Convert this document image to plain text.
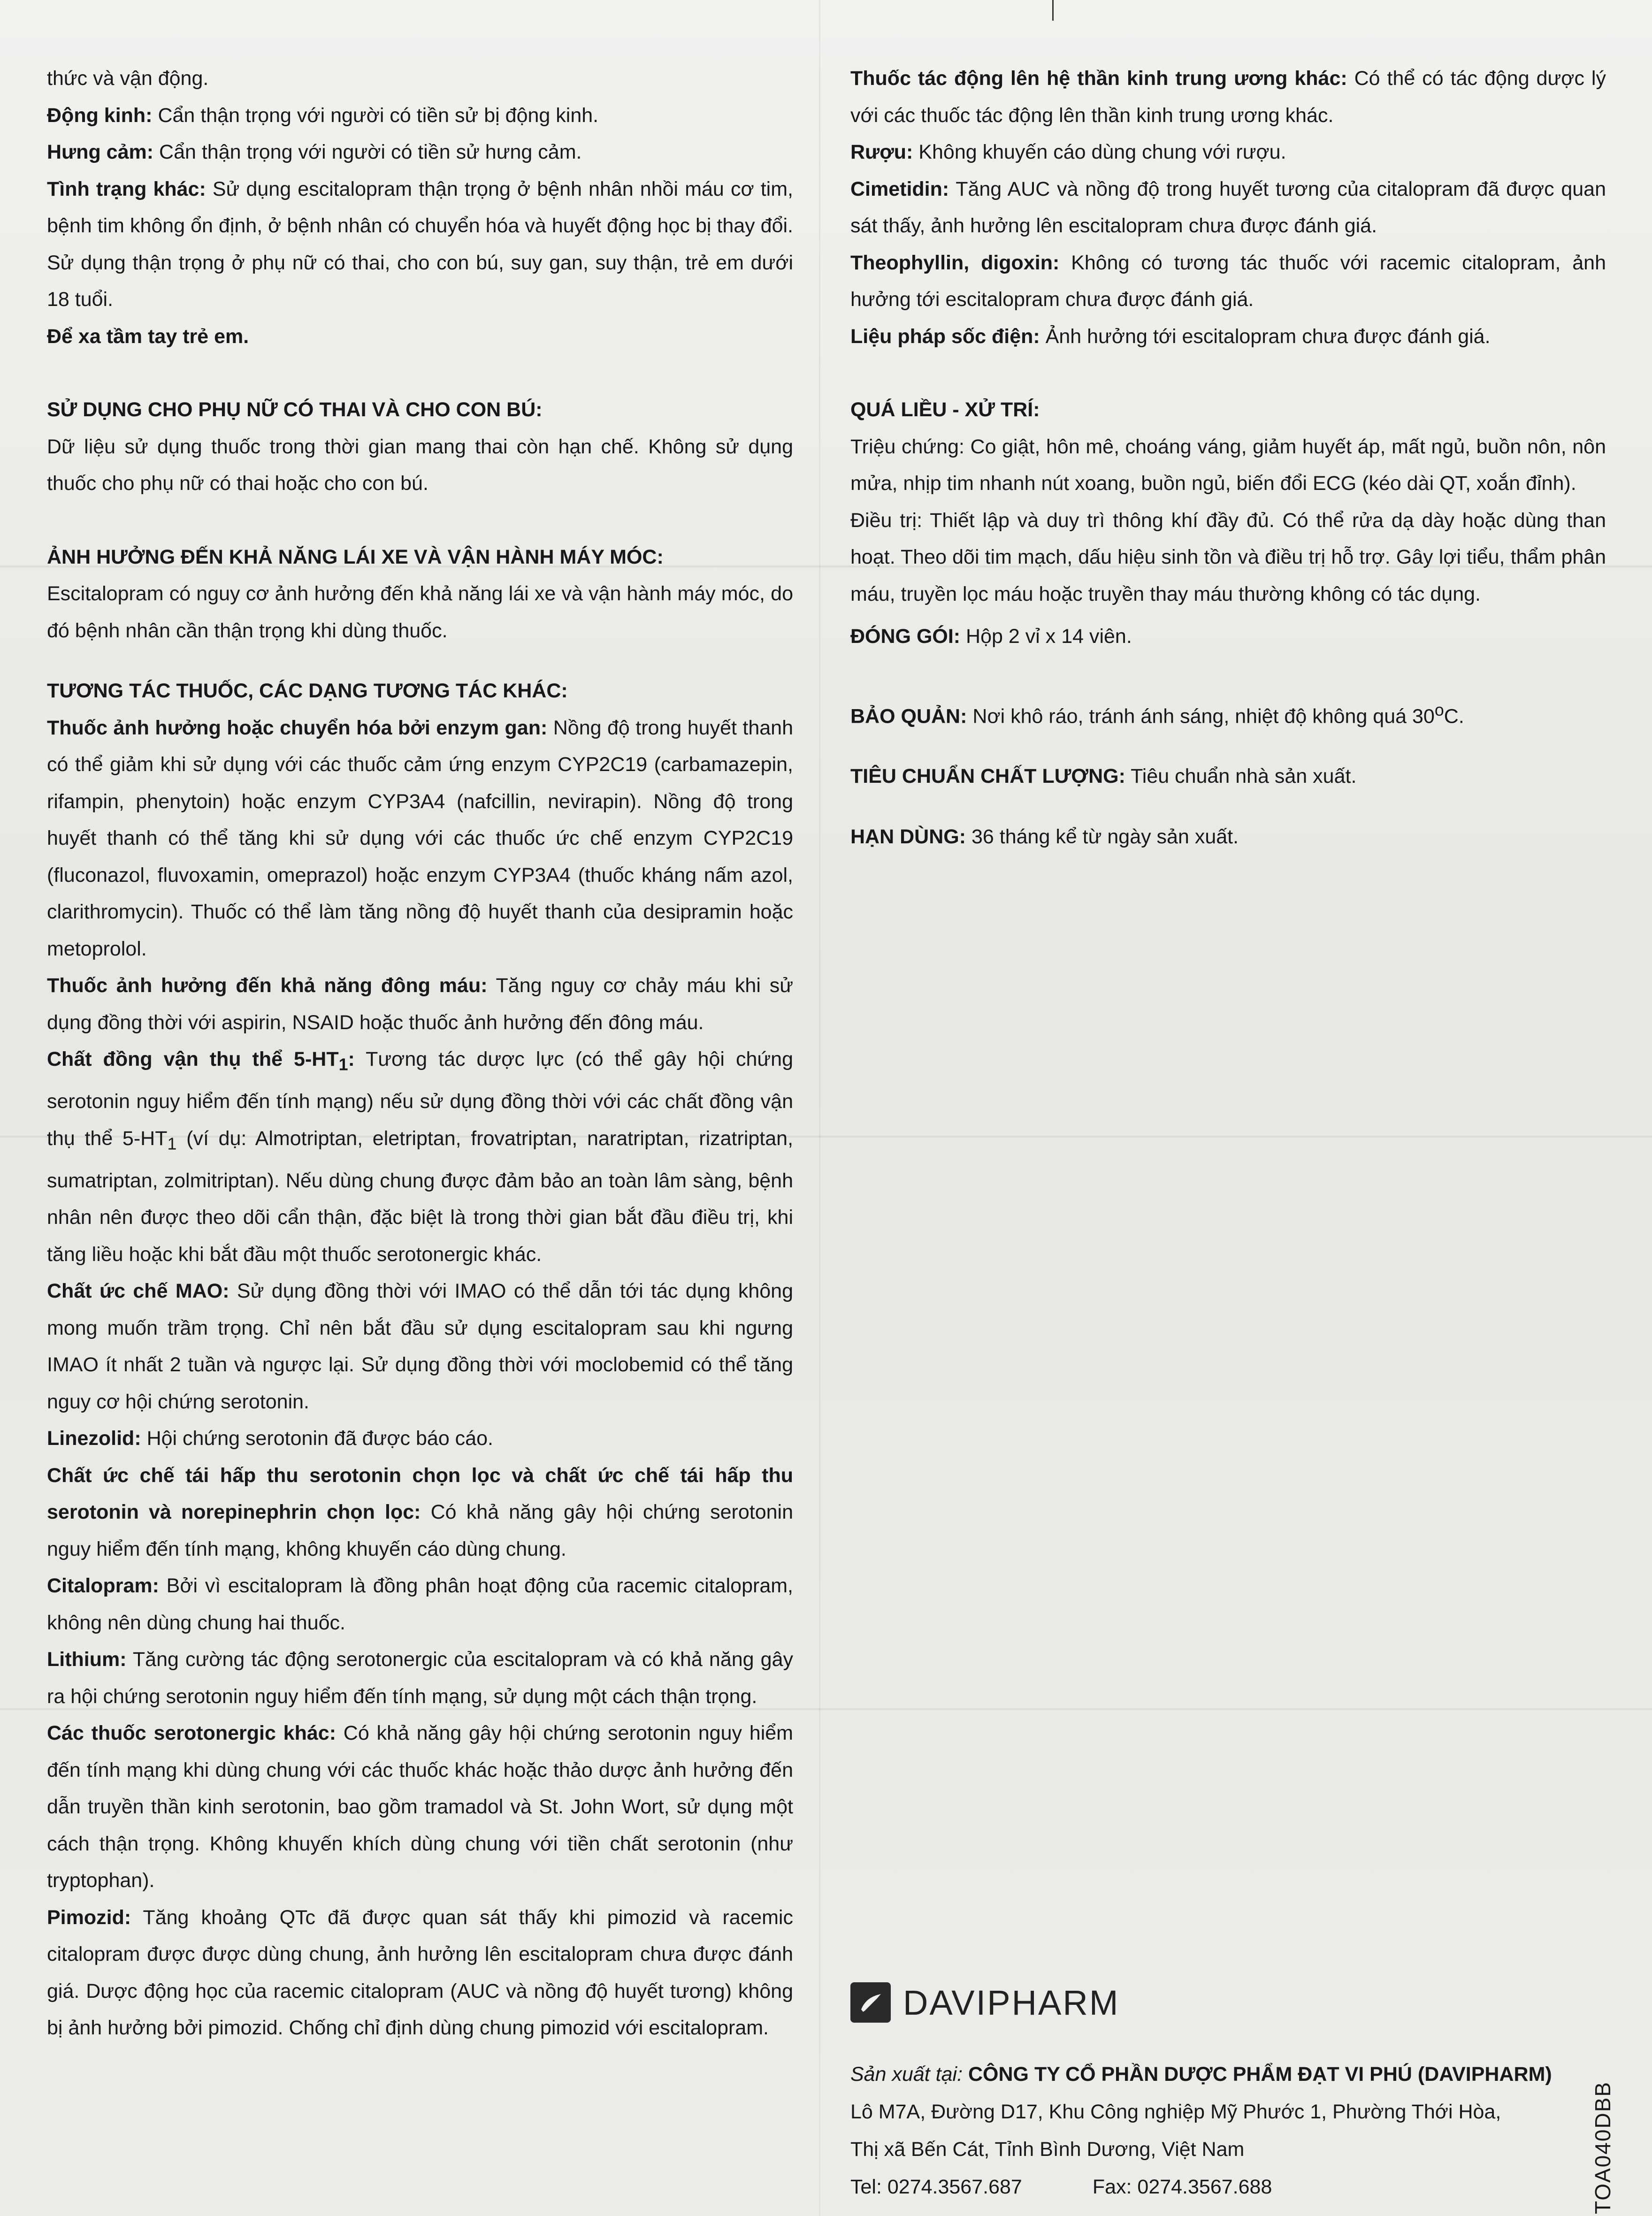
thức và vận động.

Động kinh: Cẩn thận trọng với người có tiền sử bị động kinh.

Hưng cảm: Cẩn thận trọng với người có tiền sử hưng cảm.

Tình trạng khác: Sử dụng escitalopram thận trọng ở bệnh nhân nhồi máu cơ tim, bệnh tim không ổn định, ở bệnh nhân có chuyển hóa và huyết động học bị thay đổi. Sử dụng thận trọng ở phụ nữ có thai, cho con bú, suy gan, suy thận, trẻ em dưới 18 tuổi.

Để xa tầm tay trẻ em.

SỬ DỤNG CHO PHỤ NỮ CÓ THAI VÀ CHO CON BÚ:

Dữ liệu sử dụng thuốc trong thời gian mang thai còn hạn chế. Không sử dụng thuốc cho phụ nữ có thai hoặc cho con bú.

ẢNH HƯỞNG ĐẾN KHẢ NĂNG LÁI XE VÀ VẬN HÀNH MÁY MÓC:

Escitalopram có nguy cơ ảnh hưởng đến khả năng lái xe và vận hành máy móc, do đó bệnh nhân cần thận trọng khi dùng thuốc.

TƯƠNG TÁC THUỐC, CÁC DẠNG TƯƠNG TÁC KHÁC:

Thuốc ảnh hưởng hoặc chuyển hóa bởi enzym gan: Nồng độ trong huyết thanh có thể giảm khi sử dụng với các thuốc cảm ứng enzym CYP2C19 (carbamazepin, rifampin, phenytoin) hoặc enzym CYP3A4 (nafcillin, nevirapin). Nồng độ trong huyết thanh có thể tăng khi sử dụng với các thuốc ức chế enzym CYP2C19 (fluconazol, fluvoxamin, omeprazol) hoặc enzym CYP3A4 (thuốc kháng nấm azol, clarithromycin). Thuốc có thể làm tăng nồng độ huyết thanh của desipramin hoặc metoprolol.

Thuốc ảnh hưởng đến khả năng đông máu: Tăng nguy cơ chảy máu khi sử dụng đồng thời với aspirin, NSAID hoặc thuốc ảnh hưởng đến đông máu.

Chất đồng vận thụ thể $5-HT_1$: Tương tác dược lực (có thể gây hội chứng serotonin nguy hiểm đến tính mạng) nếu sử dụng đồng thời với các chất đồng vận thụ thể $5-HT_1$ (ví dụ: Almotriptan, eletriptan, frovatriptan, naratriptan, rizatriptan, sumatriptan, zolmitriptan). Nếu dùng chung được đảm bảo an toàn lâm sàng, bệnh nhân nên được theo dõi cẩn thận, đặc biệt là trong thời gian bắt đầu điều trị, khi tăng liều hoặc khi bắt đầu một thuốc serotonergic khác.

Chất ức chế MAO: Sử dụng đồng thời với IMAO có thể dẫn tới tác dụng không mong muốn trầm trọng. Chỉ nên bắt đầu sử dụng escitalopram sau khi ngưng IMAO ít nhất 2 tuần và ngược lại. Sử dụng đồng thời với moclobemid có thể tăng nguy cơ hội chứng serotonin.

Linezolid: Hội chứng serotonin đã được báo cáo.

Chất ức chế tái hấp thu serotonin chọn lọc và chất ức chế tái hấp thu serotonin và norepinephrin chọn lọc: Có khả năng gây hội chứng serotonin nguy hiểm đến tính mạng, không khuyến cáo dùng chung.

Citalopram: Bởi vì escitalopram là đồng phân hoạt động của racemic citalopram, không nên dùng chung hai thuốc.

Lithium: Tăng cường tác động serotonergic của escitalopram và có khả năng gây ra hội chứng serotonin nguy hiểm đến tính mạng, sử dụng một cách thận trọng.

Các thuốc serotonergic khác: Có khả năng gây hội chứng serotonin nguy hiểm đến tính mạng khi dùng chung với các thuốc khác hoặc thảo dược ảnh hưởng đến dẫn truyền thần kinh serotonin, bao gồm tramadol và St. John Wort, sử dụng một cách thận trọng. Không khuyến khích dùng chung với tiền chất serotonin (như tryptophan).

Pimozid: Tăng khoảng QTc đã được quan sát thấy khi pimozid và racemic citalopram được được dùng chung, ảnh hưởng lên escitalopram chưa được đánh giá. Dược động học của racemic citalopram (AUC và nồng độ huyết tương) không bị ảnh hưởng bởi pimozid. Chống chỉ định dùng chung pimozid với escitalopram.

Thuốc tác động lên hệ thần kinh trung ương khác: Có thể có tác động dược lý với các thuốc tác động lên thần kinh trung ương khác.

Rượu: Không khuyến cáo dùng chung với rượu.

Cimetidin: Tăng AUC và nồng độ trong huyết tương của citalopram đã được quan sát thấy, ảnh hưởng lên escitalopram chưa được đánh giá.

Theophyllin, digoxin: Không có tương tác thuốc với racemic citalopram, ảnh hưởng tới escitalopram chưa được đánh giá.

Liệu pháp sốc điện: Ảnh hưởng tới escitalopram chưa được đánh giá.

QUÁ LIỀU - XỬ TRÍ:

Triệu chứng: Co giật, hôn mê, choáng váng, giảm huyết áp, mất ngủ, buồn nôn, nôn mửa, nhịp tim nhanh nút xoang, buồn ngủ, biến đổi ECG (kéo dài QT, xoắn đỉnh).

Điều trị: Thiết lập và duy trì thông khí đầy đủ. Có thể rửa dạ dày hoặc dùng than hoạt. Theo dõi tim mạch, dấu hiệu sinh tồn và điều trị hỗ trợ. Gây lợi tiểu, thẩm phân máu, truyền lọc máu hoặc truyền thay máu thường không có tác dụng.

ĐÓNG GÓI: Hộp 2 vỉ x 14 viên.

BẢO QUẢN: Nơi khô ráo, tránh ánh sáng, nhiệt độ không quá 30$^o$C.

TIÊU CHUẨN CHẤT LƯỢNG: Tiêu chuẩn nhà sản xuất.

HẠN DÙNG: 36 tháng kể từ ngày sản xuất.

DAVIPHARM

Sản xuất tại: CÔNG TY CỔ PHẦN DƯỢC PHẨM ĐẠT VI PHÚ (DAVIPHARM)

Lô M7A, Đường D17, Khu Công nghiệp Mỹ Phước 1, Phường Thới Hòa,

Thị xã Bến Cát, Tỉnh Bình Dương, Việt Nam

Tel: 0274.3567.687	Fax: 0274.3567.688	TOA040DBB
